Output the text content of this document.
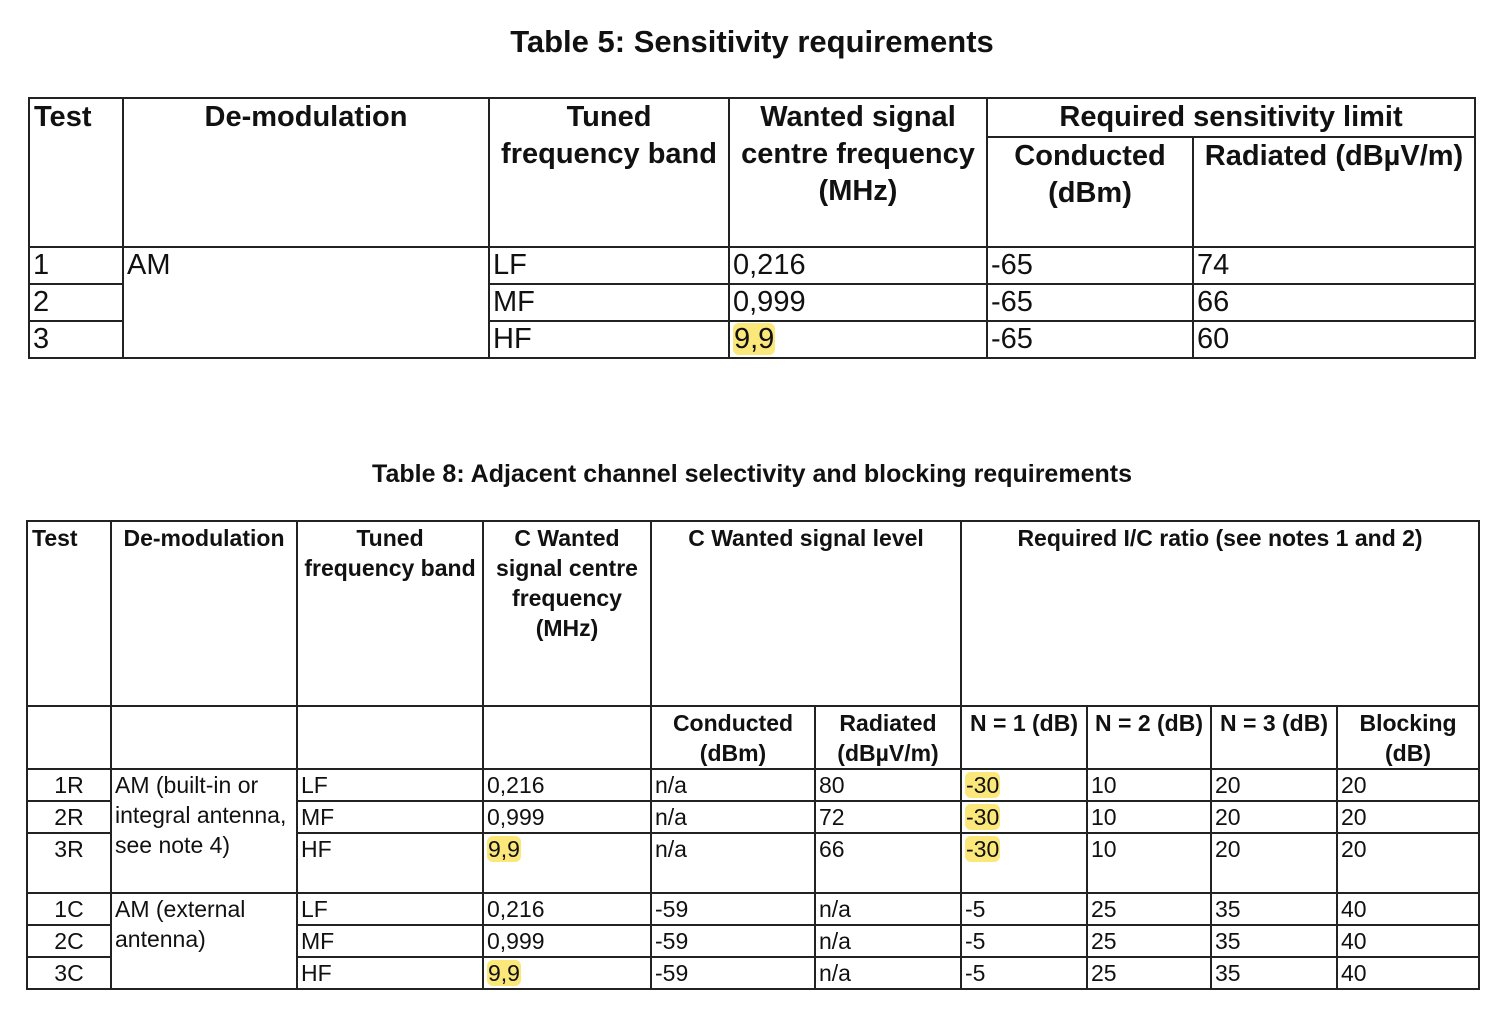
Table 5: Sensitivity requirements
Test	De-modulation	Tuned frequency band	Wanted signal centre frequency (MHz)	Required sensitivity limit	
				Conducted (dBm)	Radiated (dBµV/m)
1	AM	LF	0,216	-65	74
2		MF	0,999	-65	66
3		HF	9,9	-65	60
Table 8: Adjacent channel selectivity and blocking requirements
Test	De-modulation	Tuned frequency band	C Wanted signal centre frequency (MHz)	C Wanted signal level		Required I/C ratio (see notes 1 and 2)			
				Conducted (dBm)	Radiated (dBµV/m)	N = 1 (dB)	N = 2 (dB)	N = 3 (dB)	Blocking (dB)
1R	AM (built-in or integral antenna, see note 4)	LF	0,216	n/a	80	-30	10	20	20
2R		MF	0,999	n/a	72	-30	10	20	20
3R		HF	9,9	n/a	66	-30	10	20	20
1C	AM (external antenna)	LF	0,216	-59	n/a	-5	25	35	40
2C		MF	0,999	-59	n/a	-5	25	35	40
3C		HF	9,9	-59	n/a	-5	25	35	40
